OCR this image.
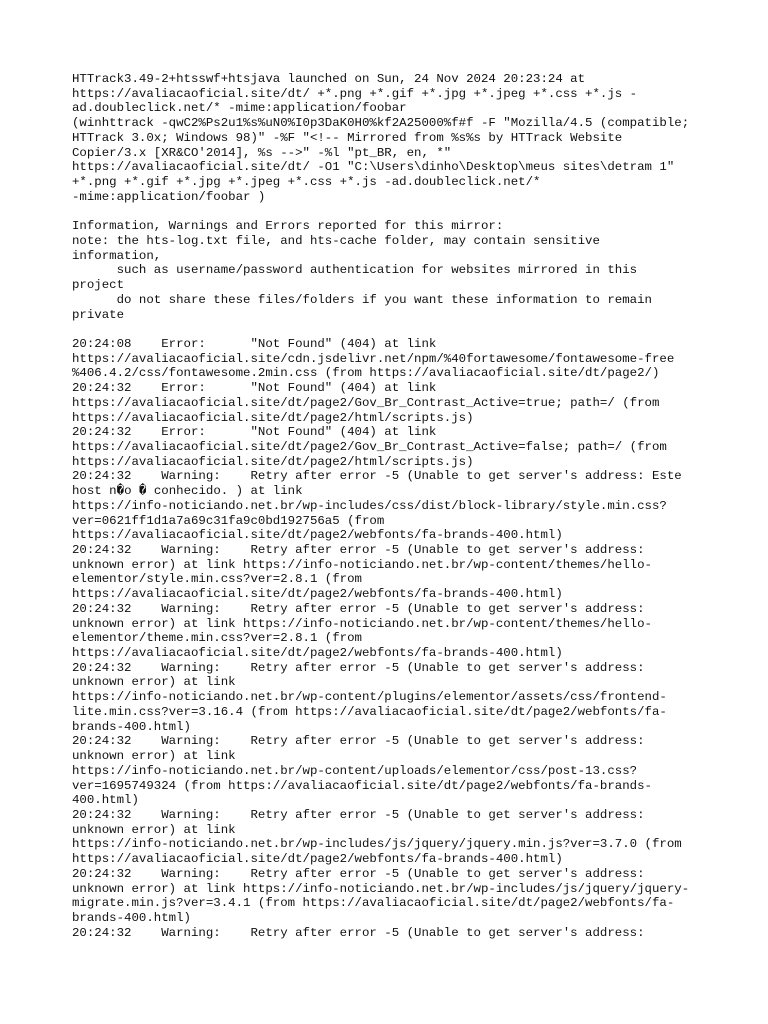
HTTrack3.49-2+htsswf+htsjava launched on Sun, 24 Nov 2024 20:23:24 at
https://avaliacaoficial.site/dt/ +*.png +*.gif +*.jpg +*.jpeg +*.css +*.js -
ad.doubleclick.net/* -mime:application/foobar
(winhttrack -qwC2%Ps2u1%s%uN0%I0p3DaK0H0%kf2A25000%f#f -F "Mozilla/4.5 (compatible;
HTTrack 3.0x; Windows 98)" -%F "<!-- Mirrored from %s%s by HTTrack Website
Copier/3.x [XR&CO'2014], %s -->" -%l "pt_BR, en, *"
https://avaliacaoficial.site/dt/ -O1 "C:\Users\dinho\Desktop\meus sites\detram 1"
+*.png +*.gif +*.jpg +*.jpeg +*.css +*.js -ad.doubleclick.net/*
-mime:application/foobar )

Information, Warnings and Errors reported for this mirror:
note: the hts-log.txt file, and hts-cache folder, may contain sensitive
information,
such as username/password authentication for websites mirrored in this
project
do not share these files/folders if you want these information to remain
private

20:24:08    Error:      "Not Found" (404) at link
https://avaliacaoficial.site/cdn.jsdelivr.net/npm/%40fortawesome/fontawesome-free
%406.4.2/css/fontawesome.2min.css (from https://avaliacaoficial.site/dt/page2/)
20:24:32    Error:      "Not Found" (404) at link
https://avaliacaoficial.site/dt/page2/Gov_Br_Contrast_Active=true; path=/ (from
https://avaliacaoficial.site/dt/page2/html/scripts.js)
20:24:32    Error:      "Not Found" (404) at link
https://avaliacaoficial.site/dt/page2/Gov_Br_Contrast_Active=false; path=/ (from
https://avaliacaoficial.site/dt/page2/html/scripts.js)
20:24:32    Warning:    Retry after error -5 (Unable to get server's address: Este
host n�o � conhecido. ) at link
https://info-noticiando.net.br/wp-includes/css/dist/block-library/style.min.css?
ver=0621ff1d1a7a69c31fa9c0bd192756a5 (from
https://avaliacaoficial.site/dt/page2/webfonts/fa-brands-400.html)
20:24:32    Warning:    Retry after error -5 (Unable to get server's address:
unknown error) at link https://info-noticiando.net.br/wp-content/themes/hello-
elementor/style.min.css?ver=2.8.1 (from
https://avaliacaoficial.site/dt/page2/webfonts/fa-brands-400.html)
20:24:32    Warning:    Retry after error -5 (Unable to get server's address:
unknown error) at link https://info-noticiando.net.br/wp-content/themes/hello-
elementor/theme.min.css?ver=2.8.1 (from
https://avaliacaoficial.site/dt/page2/webfonts/fa-brands-400.html)
20:24:32    Warning:    Retry after error -5 (Unable to get server's address:
unknown error) at link
https://info-noticiando.net.br/wp-content/plugins/elementor/assets/css/frontend-
lite.min.css?ver=3.16.4 (from https://avaliacaoficial.site/dt/page2/webfonts/fa-
brands-400.html)
20:24:32    Warning:    Retry after error -5 (Unable to get server's address:
unknown error) at link
https://info-noticiando.net.br/wp-content/uploads/elementor/css/post-13.css?
ver=1695749324 (from https://avaliacaoficial.site/dt/page2/webfonts/fa-brands-
400.html)
20:24:32    Warning:    Retry after error -5 (Unable to get server's address:
unknown error) at link
https://info-noticiando.net.br/wp-includes/js/jquery/jquery.min.js?ver=3.7.0 (from
https://avaliacaoficial.site/dt/page2/webfonts/fa-brands-400.html)
20:24:32    Warning:    Retry after error -5 (Unable to get server's address:
unknown error) at link https://info-noticiando.net.br/wp-includes/js/jquery/jquery-
migrate.min.js?ver=3.4.1 (from https://avaliacaoficial.site/dt/page2/webfonts/fa-
brands-400.html)
20:24:32    Warning:    Retry after error -5 (Unable to get server's address:
